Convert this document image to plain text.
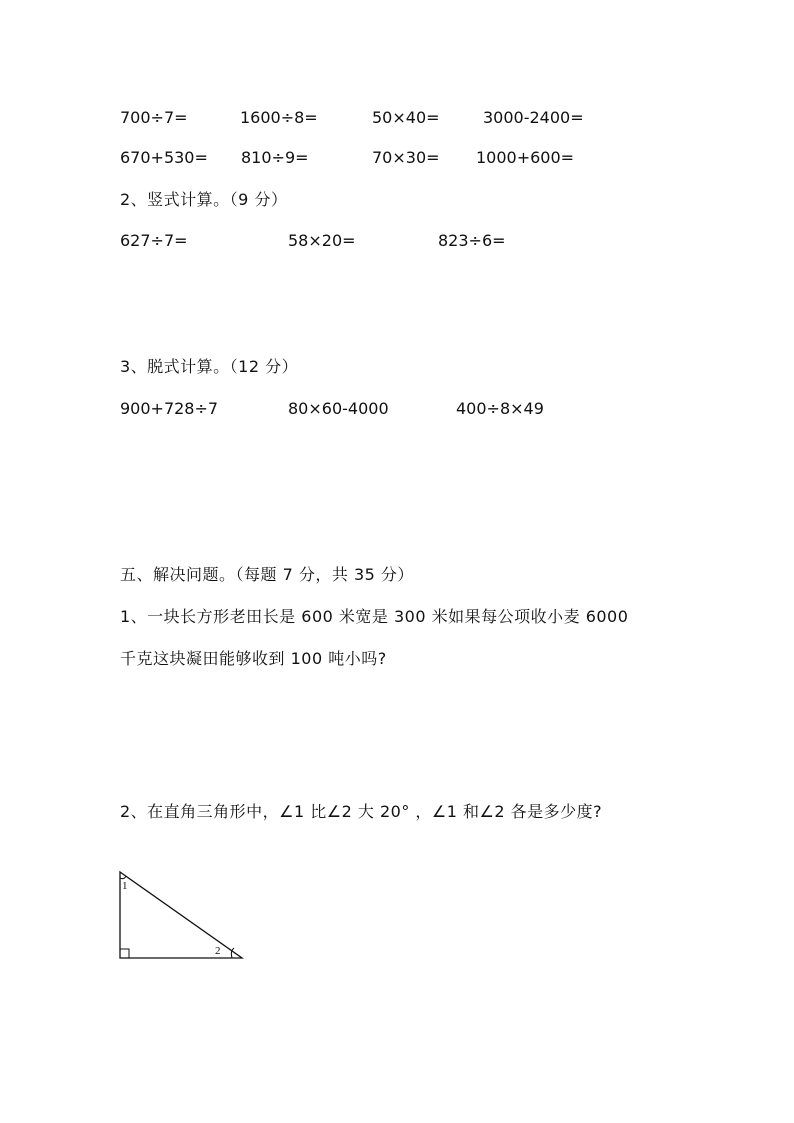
700÷7=	1600÷8=	50×40=	3000-2400=
670+530= 810÷9=	70×30= 1000+600=
2、竖式计算。（9 分）
627÷7=	58×20=	823÷6=
3、脱式计算。（12 分）
900+728÷7	80×60-4000	400÷8×49
五、解决问题。（每题 7 分，共 35 分）
1、一块长方形老田长是 600 米宽是 300 米如果每公项收小麦 6000
千克这块凝田能够收到 100 吨小吗?
2、在直角三角形中，∠1 比∠2 大 20° ，∠1 和∠2 各是多少度?
1
2
